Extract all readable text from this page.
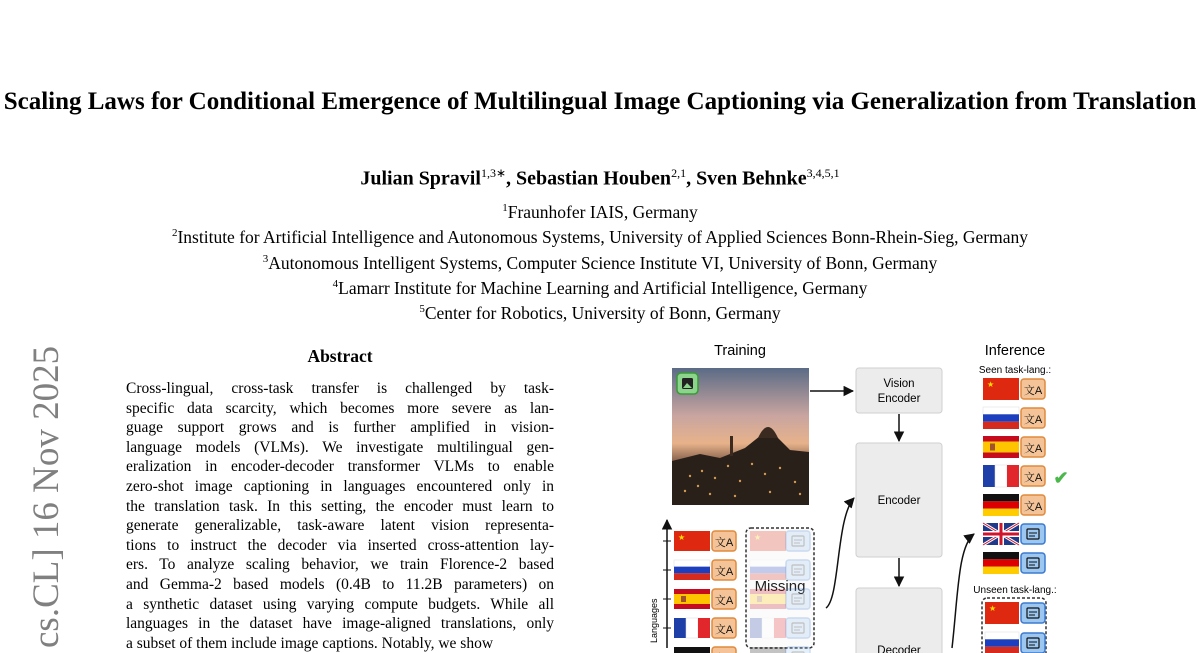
cs.CL] 16 Nov 2025
Scaling Laws for Conditional Emergence of Multilingual Image Captioning via Generalization from Translation
Julian Spravil$^{1,3∗}$, Sebastian Houben$^{2,1}$, Sven Behnke$^{3,4,5,1}$
$^1$Fraunhofer IAIS, Germany
$^2$Institute for Artificial Intelligence and Autonomous Systems, University of Applied Sciences Bonn-Rhein-Sieg, Germany
$^3$Autonomous Intelligent Systems, Computer Science Institute VI, University of Bonn, Germany
$^4$Lamarr Institute for Machine Learning and Artificial Intelligence, Germany
$^5$Center for Robotics, University of Bonn, Germany
Abstract
Cross-lingual, cross-task transfer is challenged by task-
specific data scarcity, which becomes more severe as lan-
guage support grows and is further amplified in vision-
language models (VLMs). We investigate multilingual gen-
eralization in encoder-decoder transformer VLMs to enable
zero-shot image captioning in languages encountered only in
the translation task. In this setting, the encoder must learn to
generate generalizable, task-aware latent vision representa-
tions to instruct the decoder via inserted cross-attention lay-
ers. To analyze scaling behavior, we train Florence-2 based
and Gemma-2 based models (0.4B to 11.2B parameters) on
a synthetic dataset using varying compute budgets. While all
languages in the dataset have image-aligned translations, only
a subset of them include image captions. Notably, we show
Training	Inference
Vision
Encoder
Encoder
Decoder
Languages
Missing
Seen task-lang.:
Unseen task-lang.:
✔
★	文A	★
文A
文A
文A
★
文A
文A
文A
文A
文A
★
